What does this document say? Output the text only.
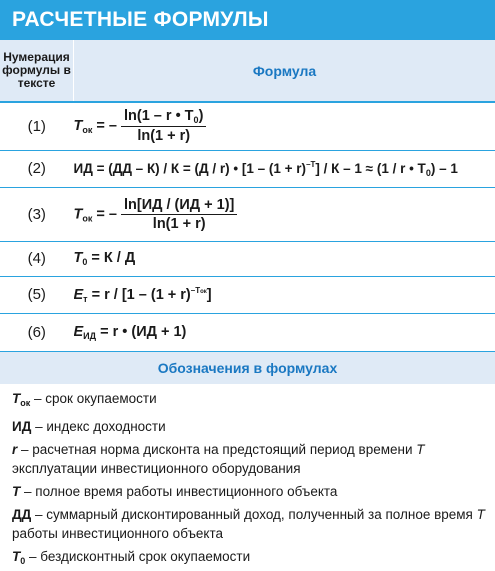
РАСЧЕТНЫЕ ФОРМУЛЫ
Нумерация формулы в тексте	Формула
(1)	$T_{ок}$ = – $\frac{\ln(1 - r • T_0)}{\ln(1 + r)}$

(2)	ИД = (ДД – К) / К = (Д / r) • $[1 - (1 + r)^{-T}] / К - 1 \approx (1 / r$ • $T_0) - 1$
(3)	$T_{ок}$ = – $\frac{\ln[ИД / (ИД + 1)]}{\ln(1 + r)}$

(4)	$T_0 = К / Д$
(5)	$E_т = r / [1 - (1 + r)^{-Tок}]$
(6)	$E_{ИД} = r$ • (ИД + 1)
Обозначения в формулах

$T_{ок}$ – срок окупаемости

ИД – индекс доходности

r – расчетная норма дисконта на предстоящий период времени T эксплуатации инвестиционного оборудования

T – полное время работы инвестиционного объекта

ДД – суммарный дисконтированный доход, полученный за полное время T работы инвестиционного объекта

$T_0$ – бездисконтный срок окупаемости
